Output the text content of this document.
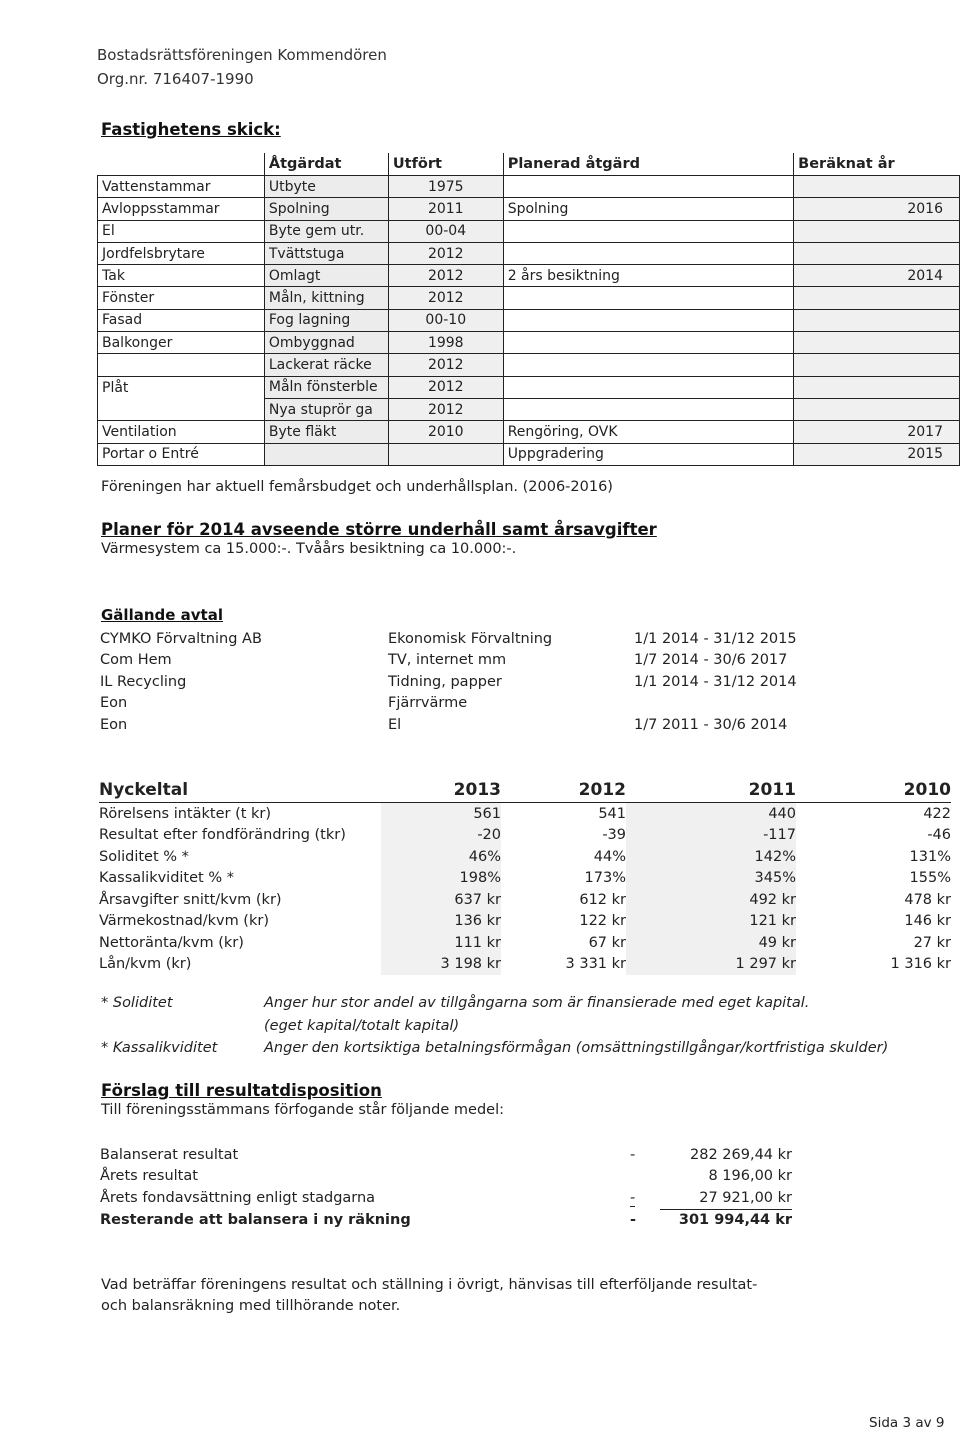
Bostadsrättsföreningen Kommendören
Org.nr. 716407-1990
Fastighetens skick:
	Åtgärdat	Utfört	Planerad åtgärd	Beräknat år
Vattenstammar	Utbyte	1975		
Avloppsstammar	Spolning	2011	Spolning	2016
El	Byte gem utr.	00-04		
Jordfelsbrytare	Tvättstuga	2012		
Tak	Omlagt	2012	2 års besiktning	2014
Fönster	Måln, kittning	2012		
Fasad	Fog lagning	00-10		
Balkonger	Ombyggnad	1998		

	Lackerat räcke	2012		
Plåt	Måln fönsterble	2012		

	Nya stuprör ga	2012		
Ventilation	Byte fläkt	2010	Rengöring, OVK	2017
Portar o Entré			Uppgradering	2015
Föreningen har aktuell femårsbudget och underhållsplan. (2006-2016)
Planer för 2014 avseende större underhåll samt årsavgifter
Värmesystem ca 15.000:-. Tvåårs besiktning ca 10.000:-.
Gällande avtal
CYMKO Förvaltning AB	Ekonomisk Förvaltning	1/1 2014 - 31/12 2015
Com Hem	TV, internet mm	1/7 2014 - 30/6 2017
IL Recycling	Tidning, papper	1/1 2014 - 31/12 2014
Eon	Fjärrvärme	
Eon	El	1/7 2011 - 30/6 2014
Nyckeltal	2013	2012	2011	2010
Rörelsens intäkter (t kr)	561	541	440	422
Resultat efter fondförändring (tkr)	-20	-39	-117	-46
Soliditet % *	46%	44%	142%	131%
Kassalikviditet % *	198%	173%	345%	155%
Årsavgifter snitt/kvm (kr)	637 kr	612 kr	492 kr	478 kr
Värmekostnad/kvm (kr)	136 kr	122 kr	121 kr	146 kr
Nettoränta/kvm (kr)	111 kr	67 kr	49 kr	27 kr
Lån/kvm (kr)	3 198 kr	3 331 kr	1 297 kr	1 316 kr
* Soliditet	Anger hur stor andel av tillgångarna som är finansierade med eget kapital.
(eget kapital/totalt kapital)
* Kassalikviditet	Anger den kortsiktiga betalningsförmågan (omsättningstillgångar/kortfristiga skulder)
Förslag till resultatdisposition
Till föreningsstämmans förfogande står följande medel:
Balanserat resultat	-	282 269,44 kr
Årets resultat		8 196,00 kr
Årets fondavsättning enligt stadgarna	-	27 921,00 kr
Resterande att balansera i ny räkning	-	301 994,44 kr
Vad beträffar föreningens resultat och ställning i övrigt, hänvisas till efterföljande resultat-
och balansräkning med tillhörande noter.
Sida 3 av 9
